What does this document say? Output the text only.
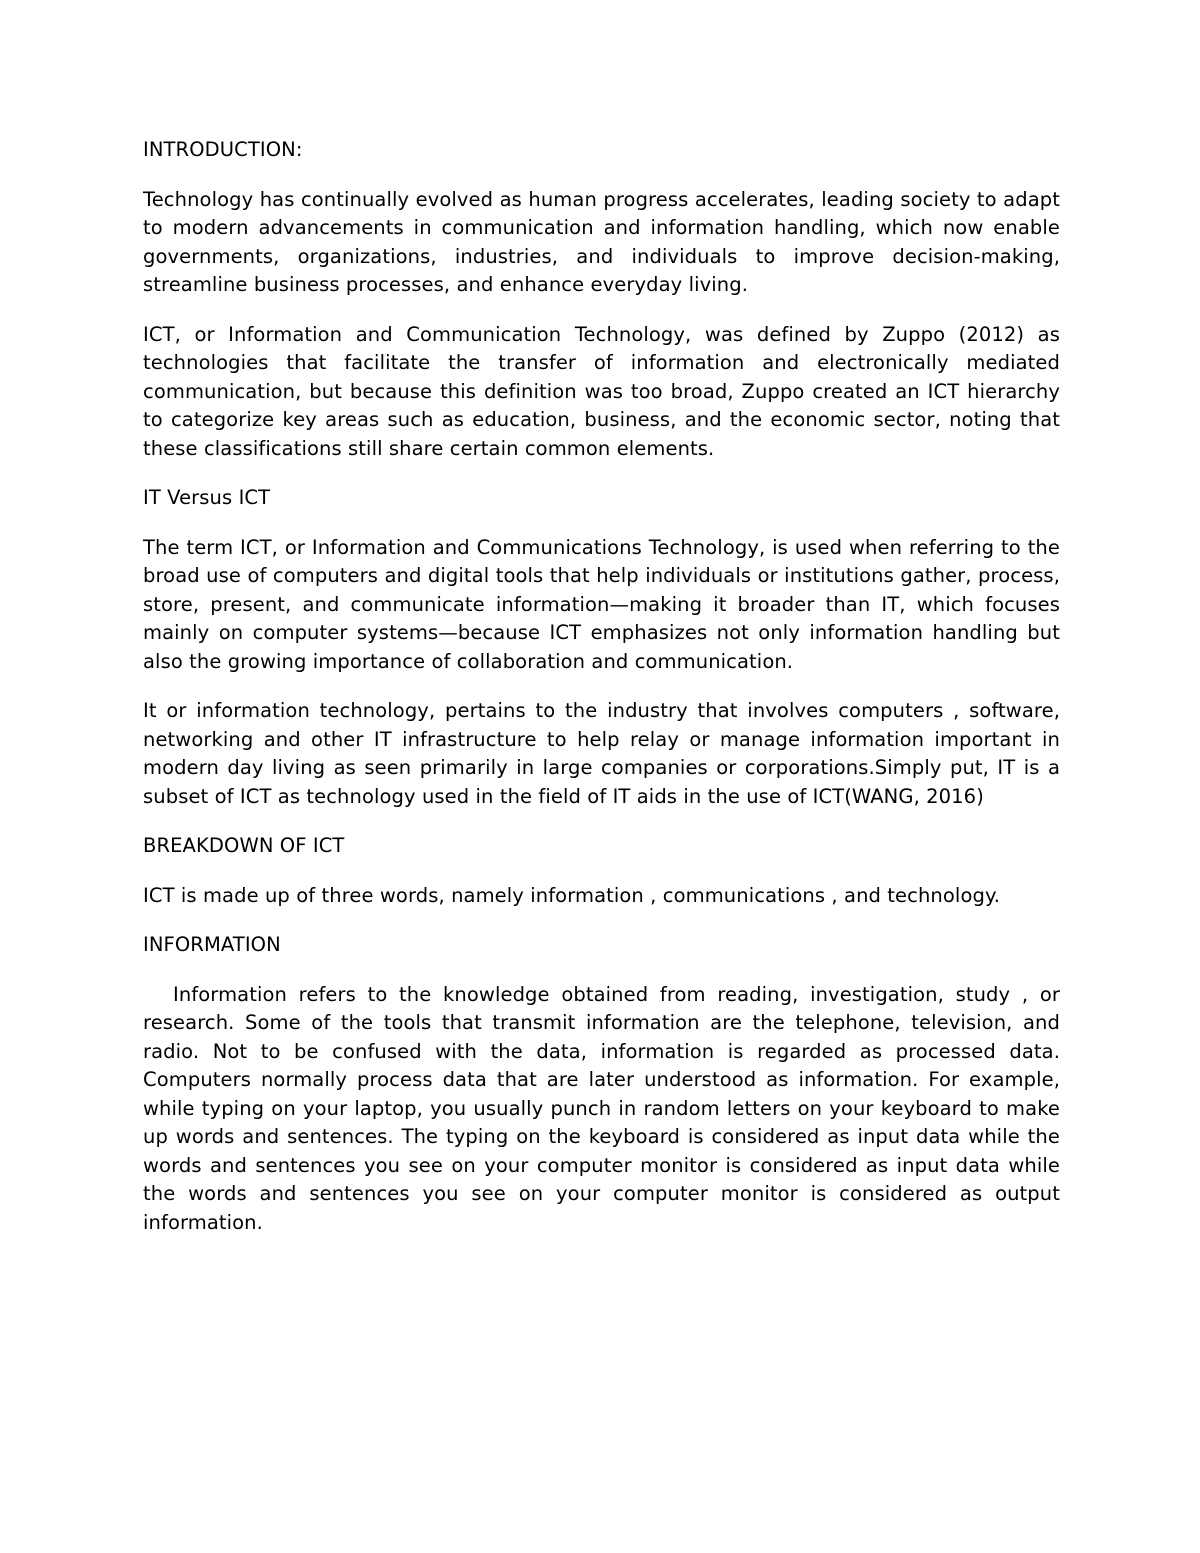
INTRODUCTION:

Technology has continually evolved as human progress accelerates, leading society to adapt to modern advancements in communication and information handling, which now enable governments, organizations, industries, and individuals to improve decision-making, streamline business processes, and enhance everyday living.

ICT, or Information and Communication Technology, was defined by Zuppo (2012) as technologies that facilitate the transfer of information and electronically mediated communication, but because this definition was too broad, Zuppo created an ICT hierarchy to categorize key areas such as education, business, and the economic sector, noting that these classifications still share certain common elements.

IT Versus ICT

The term ICT, or Information and Communications Technology, is used when referring to the broad use of computers and digital tools that help individuals or institutions gather, process, store, present, and communicate information—making it broader than IT, which focuses mainly on computer systems—because ICT emphasizes not only information handling but also the growing importance of collaboration and communication.

It or information technology, pertains to the industry that involves computers , software, networking and other IT infrastructure to help relay or manage information important in modern day living as seen primarily in large companies or corporations.Simply put, IT is a subset of ICT as technology used in the field of IT aids in the use of ICT(WANG, 2016)

BREAKDOWN OF ICT

ICT is made up of three words, namely information , communications , and technology.

INFORMATION

Information refers to the knowledge obtained from reading, investigation, study , or research. Some of the tools that transmit information are the telephone, television, and radio. Not to be confused with the data, information is regarded as processed data. Computers normally process data that are later understood as information. For example, while typing on your laptop, you usually punch in random letters on your keyboard to make up words and sentences. The typing on the keyboard is considered as input data while the words and sentences you see on your computer monitor is considered as input data while the words and sentences you see on your computer monitor is considered as output information.
